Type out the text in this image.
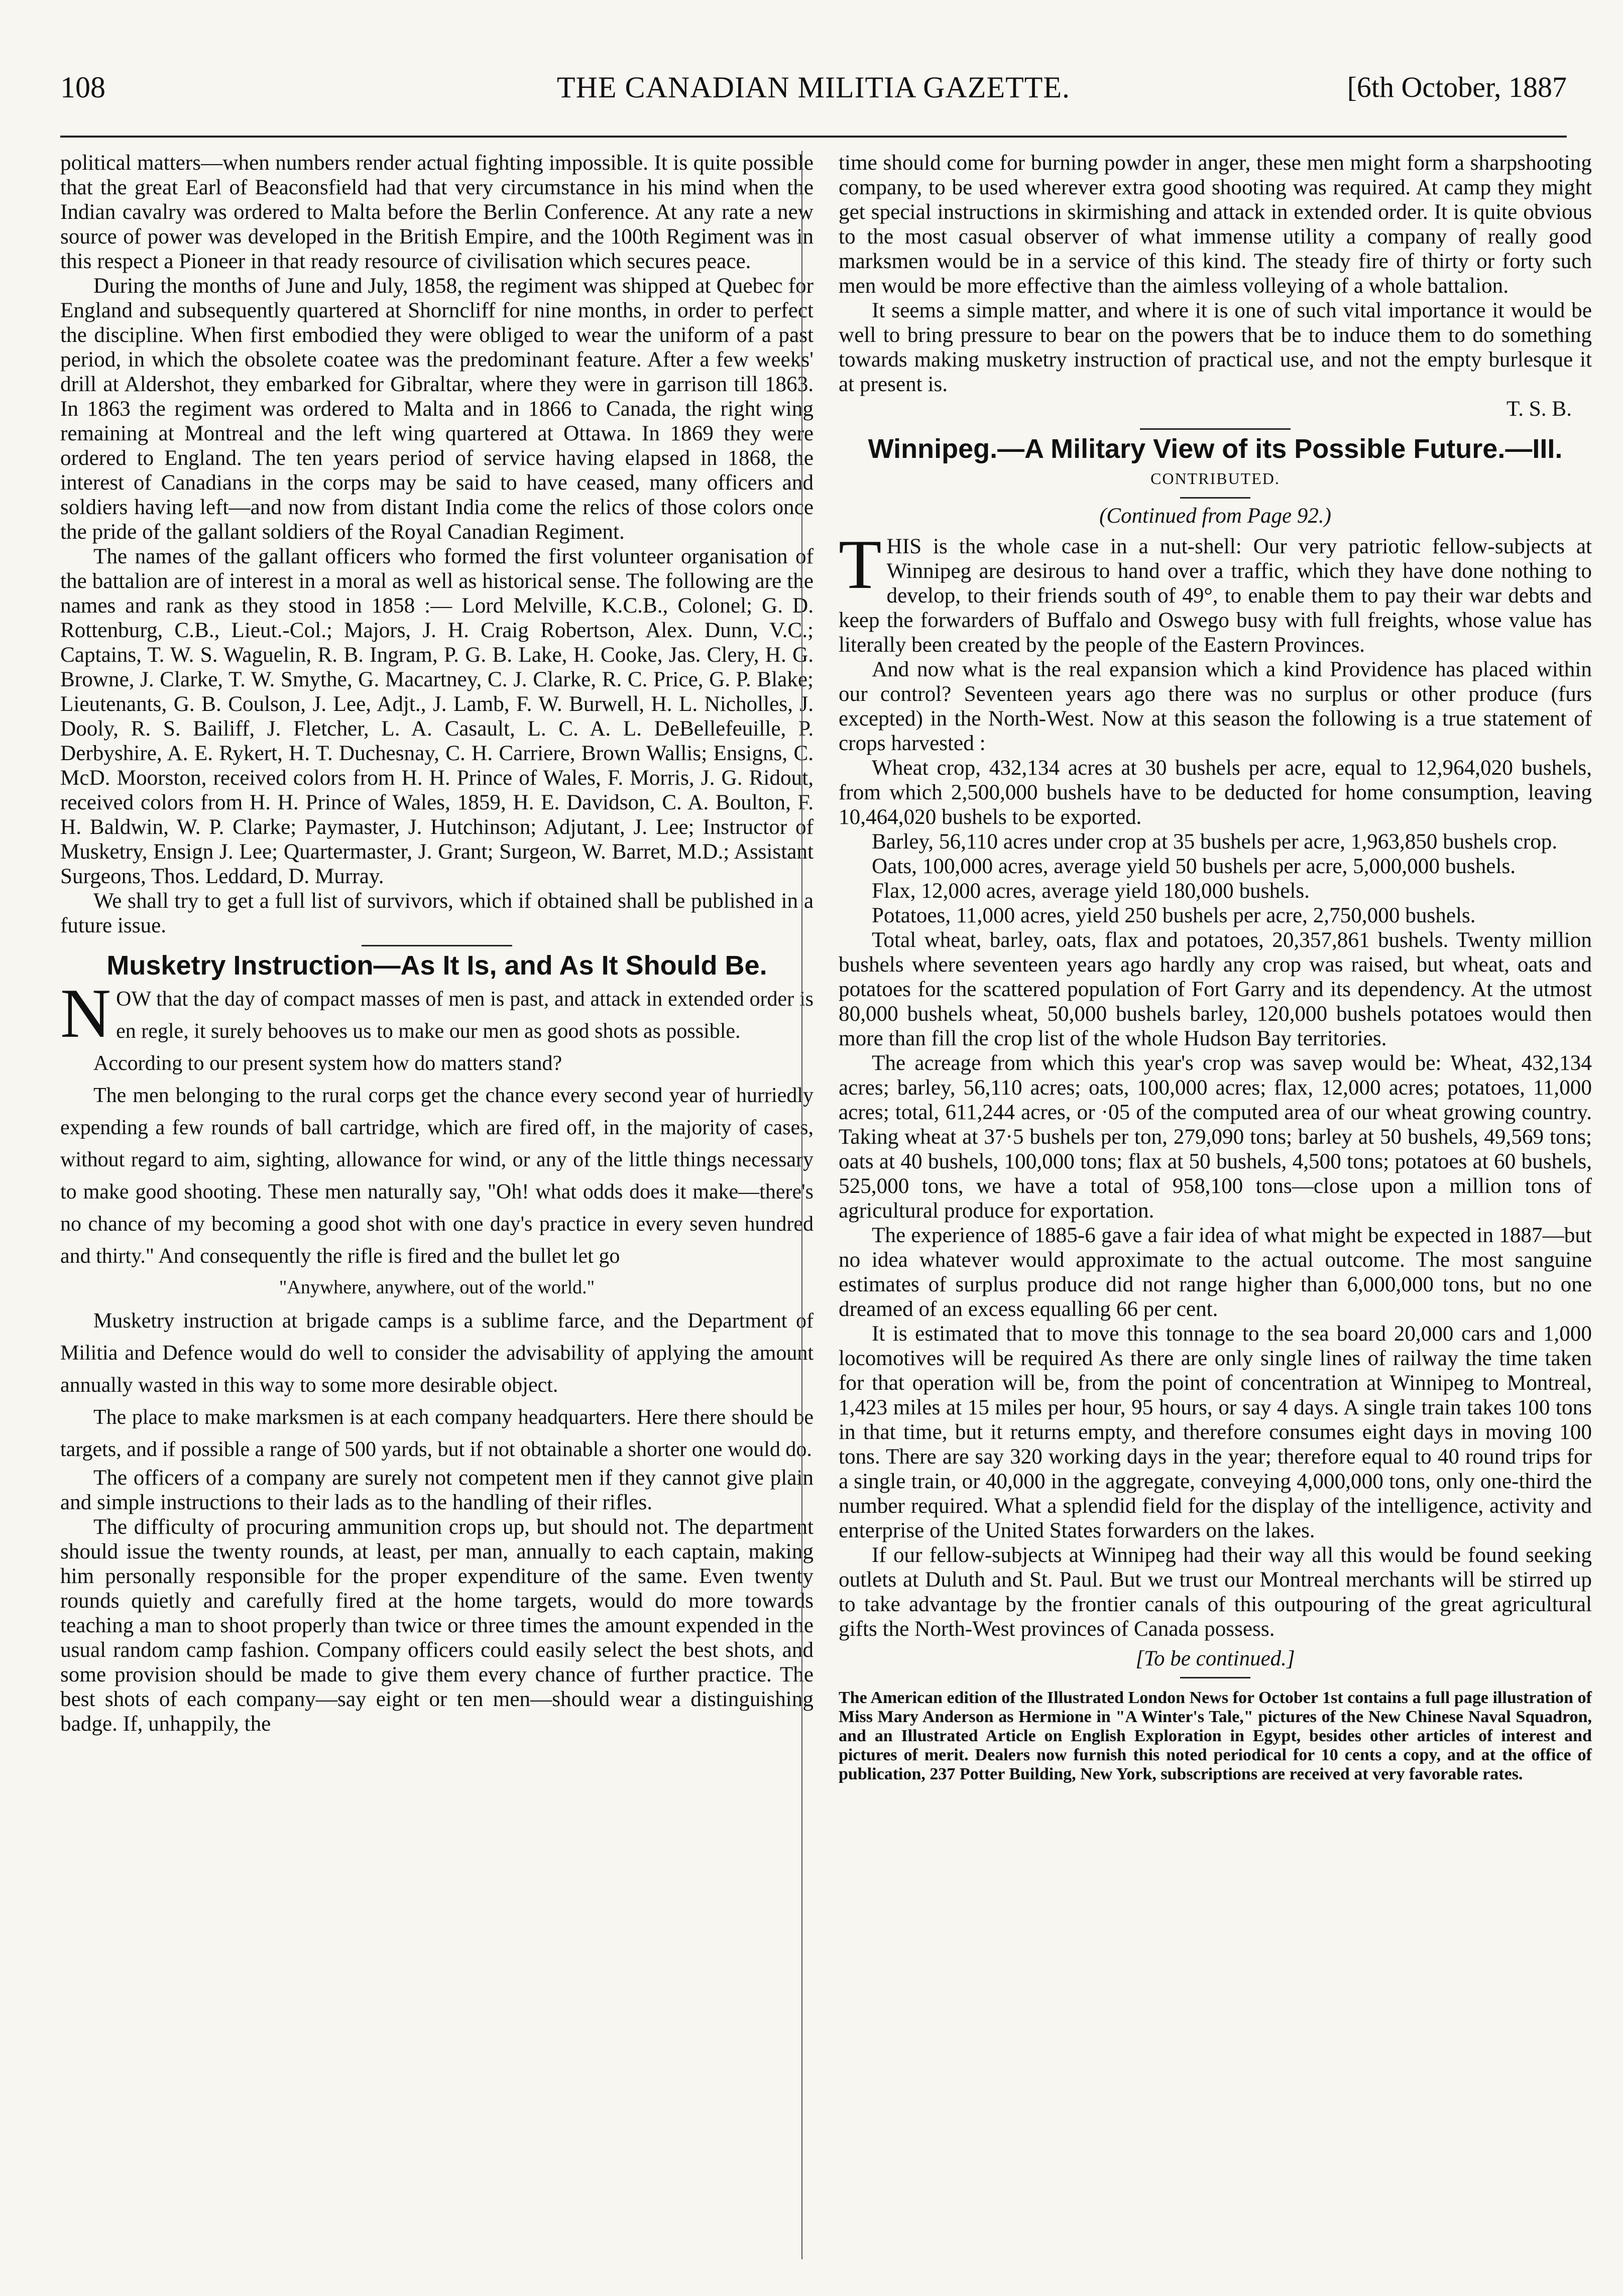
108	THE CANADIAN MILITIA GAZETTE.	[6th October, 1887

political matters—when numbers render actual fighting impossible. It is quite possible that the great Earl of Beaconsfield had that very circumstance in his mind when the Indian cavalry was ordered to Malta before the Berlin Conference. At any rate a new source of power was developed in the British Empire, and the 100th Regiment was in this respect a Pioneer in that ready resource of civilisation which secures peace.

During the months of June and July, 1858, the regiment was shipped at Quebec for England and subsequently quartered at Shorncliff for nine months, in order to perfect the discipline. When first embodied they were obliged to wear the uniform of a past period, in which the obsolete coatee was the predominant feature. After a few weeks' drill at Aldershot, they embarked for Gibraltar, where they were in garrison till 1863. In 1863 the regiment was ordered to Malta and in 1866 to Canada, the right wing remaining at Montreal and the left wing quartered at Ottawa. In 1869 they were ordered to England. The ten years period of service having elapsed in 1868, the interest of Canadians in the corps may be said to have ceased, many officers and soldiers having left—and now from distant India come the relics of those colors once the pride of the gallant soldiers of the Royal Canadian Regiment.

The names of the gallant officers who formed the first volunteer organisation of the battalion are of interest in a moral as well as historical sense. The following are the names and rank as they stood in 1858 :— Lord Melville, K.C.B., Colonel; G. D. Rottenburg, C.B., Lieut.-Col.; Majors, J. H. Craig Robertson, Alex. Dunn, V.C.; Captains, T. W. S. Waguelin, R. B. Ingram, P. G. B. Lake, H. Cooke, Jas. Clery, H. G. Browne, J. Clarke, T. W. Smythe, G. Macartney, C. J. Clarke, R. C. Price, G. P. Blake; Lieutenants, G. B. Coulson, J. Lee, Adjt., J. Lamb, F. W. Burwell, H. L. Nicholles, J. Dooly, R. S. Bailiff, J. Fletcher, L. A. Casault, L. C. A. L. DeBellefeuille, P. Derbyshire, A. E. Rykert, H. T. Duchesnay, C. H. Carriere, Brown Wallis; Ensigns, C. McD. Moorston, received colors from H. H. Prince of Wales, F. Morris, J. G. Ridout, received colors from H. H. Prince of Wales, 1859, H. E. Davidson, C. A. Boulton, F. H. Baldwin, W. P. Clarke; Paymaster, J. Hutchinson; Adjutant, J. Lee; Instructor of Musketry, Ensign J. Lee; Quartermaster, J. Grant; Surgeon, W. Barret, M.D.; Assistant Surgeons, Thos. Leddard, D. Murray.

We shall try to get a full list of survivors, which if obtained shall be published in a future issue.

Musketry Instruction—As It Is, and As It Should Be.

NOW that the day of compact masses of men is past, and attack in extended order is en regle, it surely behooves us to make our men as good shots as possible.

According to our present system how do matters stand?

The men belonging to the rural corps get the chance every second year of hurriedly expending a few rounds of ball cartridge, which are fired off, in the majority of cases, without regard to aim, sighting, allowance for wind, or any of the little things necessary to make good shooting. These men naturally say, "Oh! what odds does it make—there's no chance of my becoming a good shot with one day's practice in every seven hundred and thirty." And consequently the rifle is fired and the bullet let go

"Anywhere, anywhere, out of the world."

Musketry instruction at brigade camps is a sublime farce, and the Department of Militia and Defence would do well to consider the advisability of applying the amount annually wasted in this way to some more desirable object.

The place to make marksmen is at each company headquarters. Here there should be targets, and if possible a range of 500 yards, but if not obtainable a shorter one would do.

The officers of a company are surely not competent men if they cannot give plain and simple instructions to their lads as to the handling of their rifles.

The difficulty of procuring ammunition crops up, but should not. The department should issue the twenty rounds, at least, per man, annually to each captain, making him personally responsible for the proper expenditure of the same. Even twenty rounds quietly and carefully fired at the home targets, would do more towards teaching a man to shoot properly than twice or three times the amount expended in the usual random camp fashion. Company officers could easily select the best shots, and some provision should be made to give them every chance of further practice. The best shots of each company—say eight or ten men—should wear a distinguishing badge. If, unhappily, the

time should come for burning powder in anger, these men might form a sharpshooting company, to be used wherever extra good shooting was required. At camp they might get special instructions in skirmishing and attack in extended order. It is quite obvious to the most casual observer of what immense utility a company of really good marksmen would be in a service of this kind. The steady fire of thirty or forty such men would be more effective than the aimless volleying of a whole battalion.

It seems a simple matter, and where it is one of such vital importance it would be well to bring pressure to bear on the powers that be to induce them to do something towards making musketry instruction of practical use, and not the empty burlesque it at present is.

T. S. B.

Winnipeg.—A Military View of its Possible Future.—III.

CONTRIBUTED.

(Continued from Page 92.)

THIS is the whole case in a nut-shell: Our very patriotic fellow-subjects at Winnipeg are desirous to hand over a traffic, which they have done nothing to develop, to their friends south of 49°, to enable them to pay their war debts and keep the forwarders of Buffalo and Oswego busy with full freights, whose value has literally been created by the people of the Eastern Provinces.

And now what is the real expansion which a kind Providence has placed within our control? Seventeen years ago there was no surplus or other produce (furs excepted) in the North-West. Now at this season the following is a true statement of crops harvested :

Wheat crop, 432,134 acres at 30 bushels per acre, equal to 12,964,020 bushels, from which 2,500,000 bushels have to be deducted for home consumption, leaving 10,464,020 bushels to be exported.

Barley, 56,110 acres under crop at 35 bushels per acre, 1,963,850 bushels crop.

Oats, 100,000 acres, average yield 50 bushels per acre, 5,000,000 bushels.

Flax, 12,000 acres, average yield 180,000 bushels.

Potatoes, 11,000 acres, yield 250 bushels per acre, 2,750,000 bushels.

Total wheat, barley, oats, flax and potatoes, 20,357,861 bushels. Twenty million bushels where seventeen years ago hardly any crop was raised, but wheat, oats and potatoes for the scattered population of Fort Garry and its dependency. At the utmost 80,000 bushels wheat, 50,000 bushels barley, 120,000 bushels potatoes would then more than fill the crop list of the whole Hudson Bay territories.

The acreage from which this year's crop was savep would be: Wheat, 432,134 acres; barley, 56,110 acres; oats, 100,000 acres; flax, 12,000 acres; potatoes, 11,000 acres; total, 611,244 acres, or ·05 of the computed area of our wheat growing country. Taking wheat at 37·5 bushels per ton, 279,090 tons; barley at 50 bushels, 49,569 tons; oats at 40 bushels, 100,000 tons; flax at 50 bushels, 4,500 tons; potatoes at 60 bushels, 525,000 tons, we have a total of 958,100 tons—close upon a million tons of agricultural produce for exportation.

The experience of 1885-6 gave a fair idea of what might be expected in 1887—but no idea whatever would approximate to the actual outcome. The most sanguine estimates of surplus produce did not range higher than 6,000,000 tons, but no one dreamed of an excess equalling 66 per cent.

It is estimated that to move this tonnage to the sea board 20,000 cars and 1,000 locomotives will be required As there are only single lines of railway the time taken for that operation will be, from the point of concentration at Winnipeg to Montreal, 1,423 miles at 15 miles per hour, 95 hours, or say 4 days. A single train takes 100 tons in that time, but it returns empty, and therefore consumes eight days in moving 100 tons. There are say 320 working days in the year; therefore equal to 40 round trips for a single train, or 40,000 in the aggregate, conveying 4,000,000 tons, only one-third the number required. What a splendid field for the display of the intelligence, activity and enterprise of the United States forwarders on the lakes.

If our fellow-subjects at Winnipeg had their way all this would be found seeking outlets at Duluth and St. Paul. But we trust our Montreal merchants will be stirred up to take advantage by the frontier canals of this outpouring of the great agricultural gifts the North-West provinces of Canada possess.

[To be continued.]

The American edition of the Illustrated London News for October 1st contains a full page illustration of Miss Mary Anderson as Hermione in "A Winter's Tale," pictures of the New Chinese Naval Squadron, and an Illustrated Article on English Exploration in Egypt, besides other articles of interest and pictures of merit. Dealers now furnish this noted periodical for 10 cents a copy, and at the office of publication, 237 Potter Building, New York, subscriptions are received at very favorable rates.
